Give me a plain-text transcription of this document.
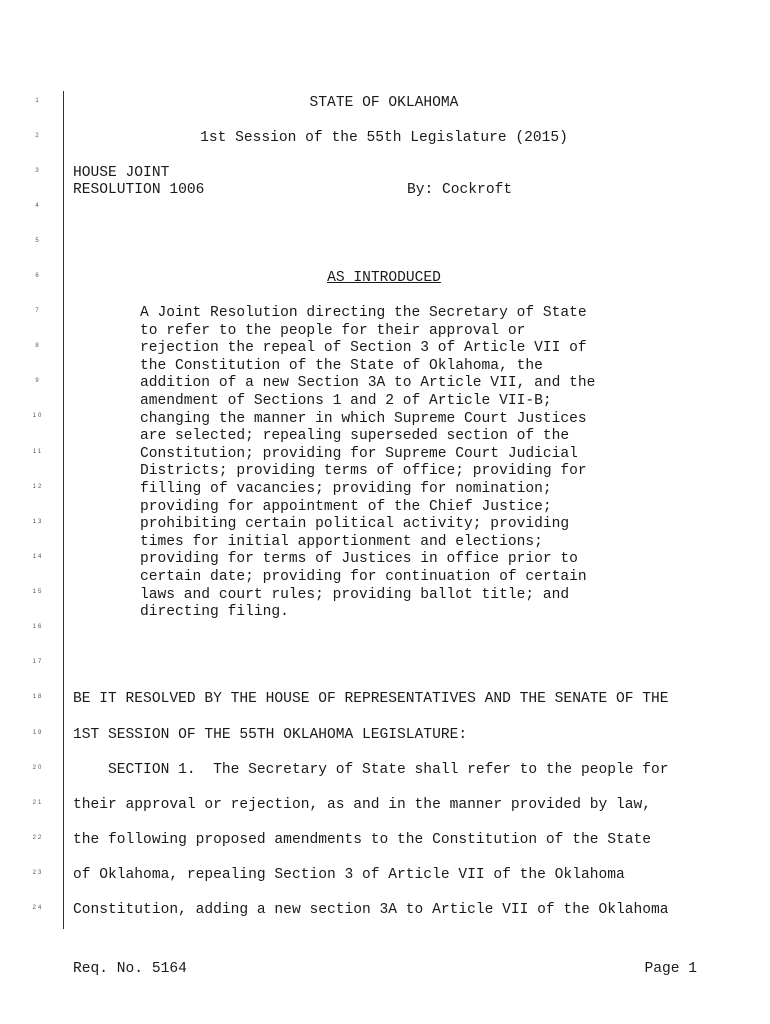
1
2
3
4
5
6
7
8
9
10
11
12
13
14
15
16
17
18
19
20
21
22
23
24
STATE OF OKLAHOMA
1st Session of the 55th Legislature (2015)
HOUSE JOINT
RESOLUTION 1006	By: Cockroft
AS INTRODUCED
A Joint Resolution directing the Secretary of State
to refer to the people for their approval or
rejection the repeal of Section 3 of Article VII of
the Constitution of the State of Oklahoma, the
addition of a new Section 3A to Article VII, and the
amendment of Sections 1 and 2 of Article VII-B;
changing the manner in which Supreme Court Justices
are selected; repealing superseded section of the
Constitution; providing for Supreme Court Judicial
Districts; providing terms of office; providing for
filling of vacancies; providing for nomination;
providing for appointment of the Chief Justice;
prohibiting certain political activity; providing
times for initial apportionment and elections;
providing for terms of Justices in office prior to
certain date; providing for continuation of certain
laws and court rules; providing ballot title; and
directing filing.
BE IT RESOLVED BY THE HOUSE OF REPRESENTATIVES AND THE SENATE OF THE
1ST SESSION OF THE 55TH OKLAHOMA LEGISLATURE:
SECTION 1.  The Secretary of State shall refer to the people for
their approval or rejection, as and in the manner provided by law,
the following proposed amendments to the Constitution of the State
of Oklahoma, repealing Section 3 of Article VII of the Oklahoma
Constitution, adding a new section 3A to Article VII of the Oklahoma
Req. No. 5164	Page 1
